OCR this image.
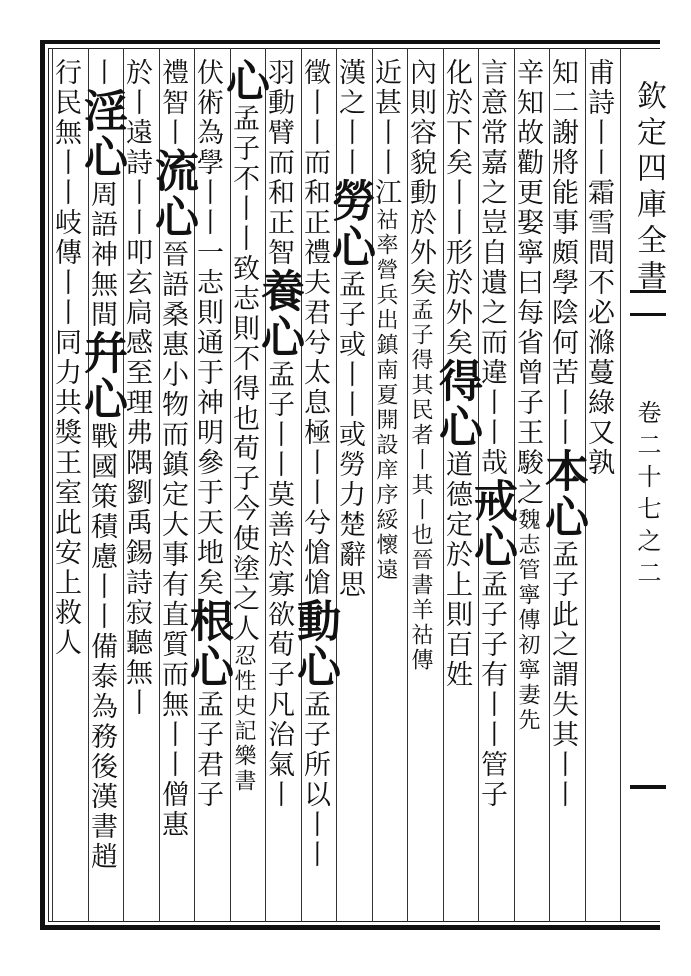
欽定四庫全書
卷二十七之二
甫詩丨丨霜雪間不必滌蔓綠又孰
知二謝將能事頗學陰何苦丨丨本心孟子此之謂失其丨丨
辛知故勸更娶寧曰每省曾子王駿之魏志管寧傳初寧妻先
言意常嘉之豈自遺之而違丨丨哉戒心孟子子有丨丨管子
化於下矣丨丨形於外矣得心道德定於上則百姓
內則容貌動於外矣孟子得其民者丨其丨也晉書羊祜傳
近甚丨丨江祜率營兵出鎮南夏開設庠序綏懷遠
漢之丨丨勞心孟子或丨丨或勞力楚辭思
徵丨丨而和正禮夫君兮太息極丨丨兮愴愴動心孟子所以丨丨
羽動臂而和正智養心孟子丨丨莫善於寡欲荀子凡治氣丨
心孟子不丨丨致志則不得也荀子今使塗之人忍性史記樂書
伏術為學丨丨一志則通于神明參于天地矣根心孟子君子
禮智丨流心晉語桑惠小物而鎮定大事有直質而無丨丨僧惠
於丨遠詩丨丨叩玄扃感至理弗隅劉禹錫詩寂聽無丨
丨淫心周語神無間幷心戰國策積慮丨丨備泰為務後漢書趙
行民無丨丨岐傳丨丨同力共獎王室此安上救人
